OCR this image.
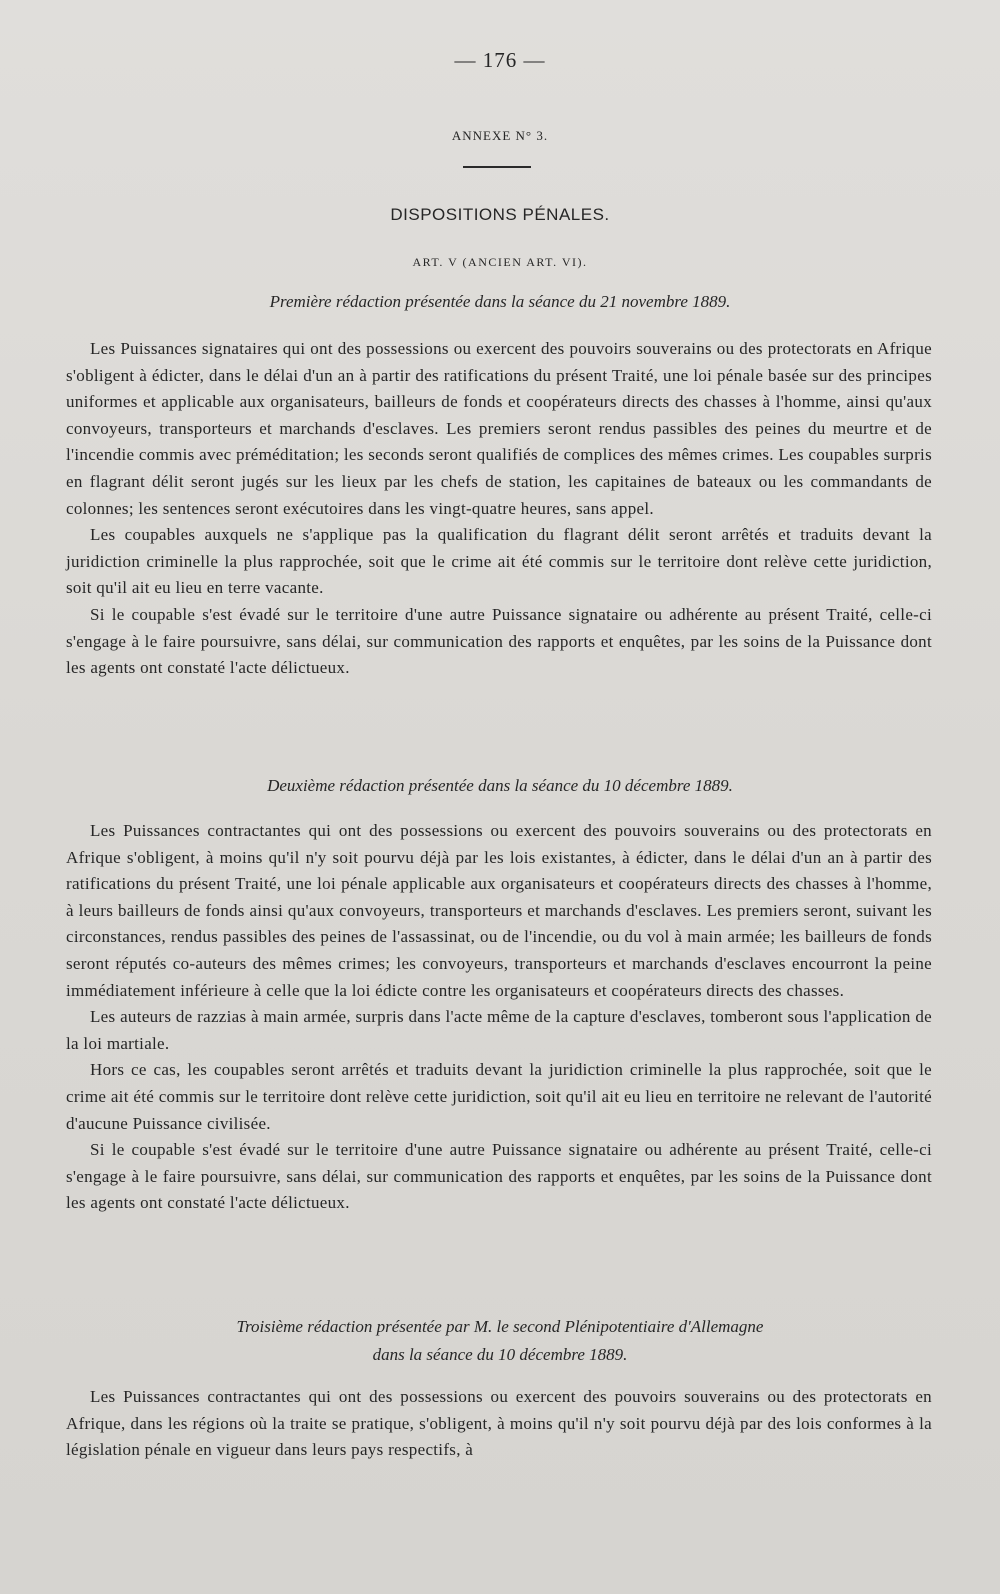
— 176 —
ANNEXE N° 3.
DISPOSITIONS PÉNALES.
ART. V (ANCIEN ART. VI).
Première rédaction présentée dans la séance du 21 novembre 1889.

Les Puissances signataires qui ont des possessions ou exercent des pouvoirs souverains ou des protectorats en Afrique s'obligent à édicter, dans le délai d'un an à partir des ratifications du présent Traité, une loi pénale basée sur des principes uniformes et applicable aux organisateurs, bailleurs de fonds et coopérateurs directs des chasses à l'homme, ainsi qu'aux convoyeurs, transporteurs et marchands d'esclaves. Les premiers seront rendus passibles des peines du meurtre et de l'incendie commis avec préméditation; les seconds seront qualifiés de complices des mêmes crimes. Les coupables surpris en flagrant délit seront jugés sur les lieux par les chefs de station, les capitaines de bateaux ou les commandants de colonnes; les sentences seront exécutoires dans les vingt-quatre heures, sans appel.

Les coupables auxquels ne s'applique pas la qualification du flagrant délit seront arrêtés et traduits devant la juridiction criminelle la plus rapprochée, soit que le crime ait été commis sur le territoire dont relève cette juridiction, soit qu'il ait eu lieu en terre vacante.

Si le coupable s'est évadé sur le territoire d'une autre Puissance signataire ou adhérente au présent Traité, celle-ci s'engage à le faire poursuivre, sans délai, sur communication des rapports et enquêtes, par les soins de la Puissance dont les agents ont constaté l'acte délictueux.

Deuxième rédaction présentée dans la séance du 10 décembre 1889.

Les Puissances contractantes qui ont des possessions ou exercent des pouvoirs souverains ou des protectorats en Afrique s'obligent, à moins qu'il n'y soit pourvu déjà par les lois existantes, à édicter, dans le délai d'un an à partir des ratifications du présent Traité, une loi pénale applicable aux organisateurs et coopérateurs directs des chasses à l'homme, à leurs bailleurs de fonds ainsi qu'aux convoyeurs, transporteurs et marchands d'esclaves. Les premiers seront, suivant les circonstances, rendus passibles des peines de l'assassinat, ou de l'incendie, ou du vol à main armée; les bailleurs de fonds seront réputés co-auteurs des mêmes crimes; les convoyeurs, transporteurs et marchands d'esclaves encourront la peine immédiatement inférieure à celle que la loi édicte contre les organisateurs et coopérateurs directs des chasses.

Les auteurs de razzias à main armée, surpris dans l'acte même de la capture d'esclaves, tomberont sous l'application de la loi martiale.

Hors ce cas, les coupables seront arrêtés et traduits devant la juridiction criminelle la plus rapprochée, soit que le crime ait été commis sur le territoire dont relève cette juridiction, soit qu'il ait eu lieu en territoire ne relevant de l'autorité d'aucune Puissance civilisée.

Si le coupable s'est évadé sur le territoire d'une autre Puissance signataire ou adhérente au présent Traité, celle-ci s'engage à le faire poursuivre, sans délai, sur communication des rapports et enquêtes, par les soins de la Puissance dont les agents ont constaté l'acte délictueux.

Troisième rédaction présentée par M. le second Plénipotentiaire d'Allemagne
dans la séance du 10 décembre 1889.

Les Puissances contractantes qui ont des possessions ou exercent des pouvoirs souverains ou des protectorats en Afrique, dans les régions où la traite se pratique, s'obligent, à moins qu'il n'y soit pourvu déjà par des lois conformes à la législation pénale en vigueur dans leurs pays respectifs, à
